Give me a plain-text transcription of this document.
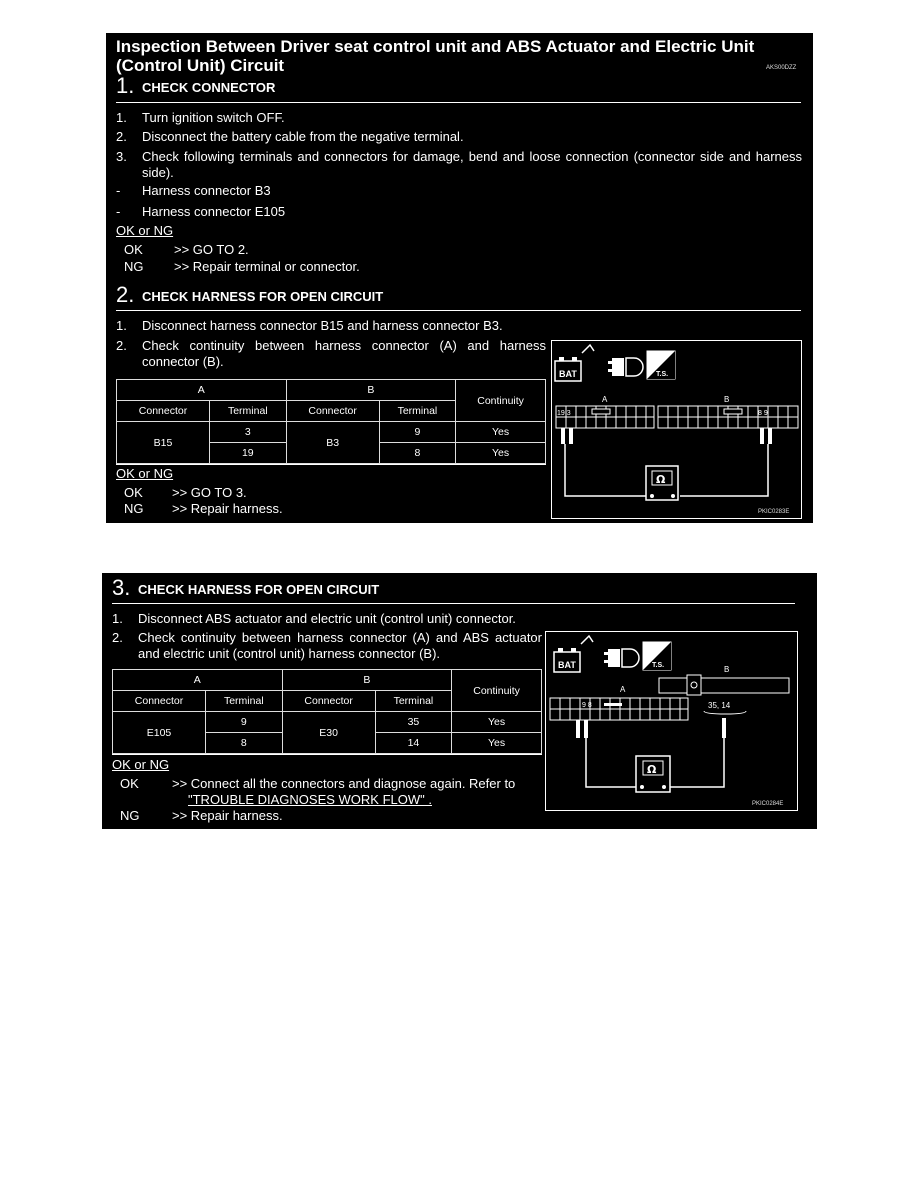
Inspection Between Driver seat control unit and ABS Actuator and Electric Unit
(Control Unit) Circuit	AKS00DZZ
1. CHECK CONNECTOR
1. Turn ignition switch OFF.
2. Disconnect the battery cable from the negative terminal.
3. Check following terminals and connectors for damage, bend and loose connection (connector side and harness side).
- Harness connector B3
- Harness connector E105
OK or NG
OK >> GO TO 2.
NG >> Repair terminal or connector.
2. CHECK HARNESS FOR OPEN CIRCUIT
1. Disconnect harness connector B15 and harness connector B3.
2. Check continuity between harness connector (A) and harness connector (B).
A		B		Continuity
Connector	Terminal	Connector	Terminal	
B15	3	B3	9	Yes
	19		8	Yes
OK or NG
OK >> GO TO 3.
NG >> Repair harness.
BAT	T.S.
A	B
19 3	8 9
Ω
PKIC0283E
3. CHECK HARNESS FOR OPEN CIRCUIT
1. Disconnect ABS actuator and electric unit (control unit) connector.
2. Check continuity between harness connector (A) and ABS actuator and electric unit (control unit) harness connector (B).
A		B		Continuity
Connector	Terminal	Connector	Terminal	
E105	9	E30	35	Yes
	8		14	Yes
OK or NG
OK	>> Connect all the connectors and diagnose again. Refer to
"TROUBLE DIAGNOSES WORK FLOW" .
NG	>> Repair harness.
BAT	T.S.	B
A
35, 14
9 8
Ω
PKIC0284E
